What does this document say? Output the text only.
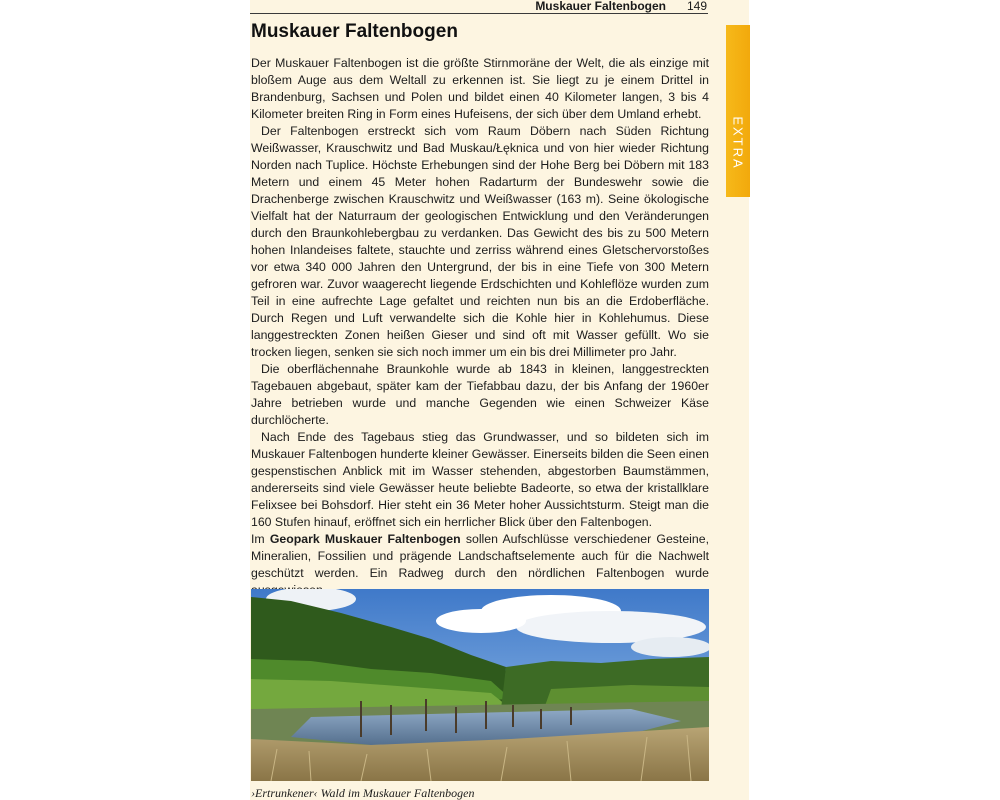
Muskauer Faltenbogen 149
EXTRA
Muskauer Faltenbogen

Der Muskauer Faltenbogen ist die größte Stirnmoräne der Welt, die als einzige mit bloßem Auge aus dem Weltall zu erkennen ist. Sie liegt zu je einem Drittel in Brandenburg, Sachsen und Polen und bildet einen 40 Kilometer langen, 3 bis 4 Kilometer breiten Ring in Form eines Hufeisens, der sich über dem Umland erhebt.

Der Faltenbogen erstreckt sich vom Raum Döbern nach Süden Richtung Weißwasser, Krauschwitz und Bad Muskau/Łęknica und von hier wieder Richtung Norden nach Tuplice. Höchste Erhebungen sind der Hohe Berg bei Döbern mit 183 Metern und einem 45 Meter hohen Radarturm der Bundeswehr sowie die Drachenberge zwischen Krauschwitz und Weißwasser (163 m). Seine ökologische Vielfalt hat der Naturraum der geologischen Entwicklung und den Veränderungen durch den Braunkohlebergbau zu verdanken. Das Gewicht des bis zu 500 Metern hohen Inlandeises faltete, stauchte und zerriss während eines Gletschervorstoßes vor etwa 340 000 Jahren den Untergrund, der bis in eine Tiefe von 300 Metern gefroren war. Zuvor waagerecht liegende Erdschichten und Kohleflöze wurden zum Teil in eine aufrechte Lage gefaltet und reichten nun bis an die Erdoberfläche. Durch Regen und Luft verwandelte sich die Kohle hier in Kohlehumus. Diese langgestreckten Zonen heißen Gieser und sind oft mit Wasser gefüllt. Wo sie trocken liegen, senken sie sich noch immer um ein bis drei Millimeter pro Jahr.

Die oberflächennahe Braunkohle wurde ab 1843 in kleinen, langgestreckten Tagebauen abgebaut, später kam der Tiefabbau dazu, der bis Anfang der 1960er Jahre betrieben wurde und manche Gegenden wie einen Schweizer Käse durchlöcherte.

Nach Ende des Tagebaus stieg das Grundwasser, und so bildeten sich im Muskauer Faltenbogen hunderte kleiner Gewässer. Einerseits bilden die Seen einen gespenstischen Anblick mit im Wasser stehenden, abgestorben Baumstämmen, andererseits sind viele Gewässer heute beliebte Badeorte, so etwa der kristallklare Felixsee bei Bohsdorf. Hier steht ein 36 Meter hoher Aussichtsturm. Steigt man die 160 Stufen hinauf, eröffnet sich ein herrlicher Blick über den Faltenbogen.

Im Geopark Muskauer Faltenbogen sollen Aufschlüsse verschiedener Gesteine, Mineralien, Fossilien und prägende Landschaftselemente auch für die Nachwelt geschützt werden. Ein Radweg durch den nördlichen Faltenbogen wurde

›Ertrunkener‹ Wald im Muskauer Faltenbogen
